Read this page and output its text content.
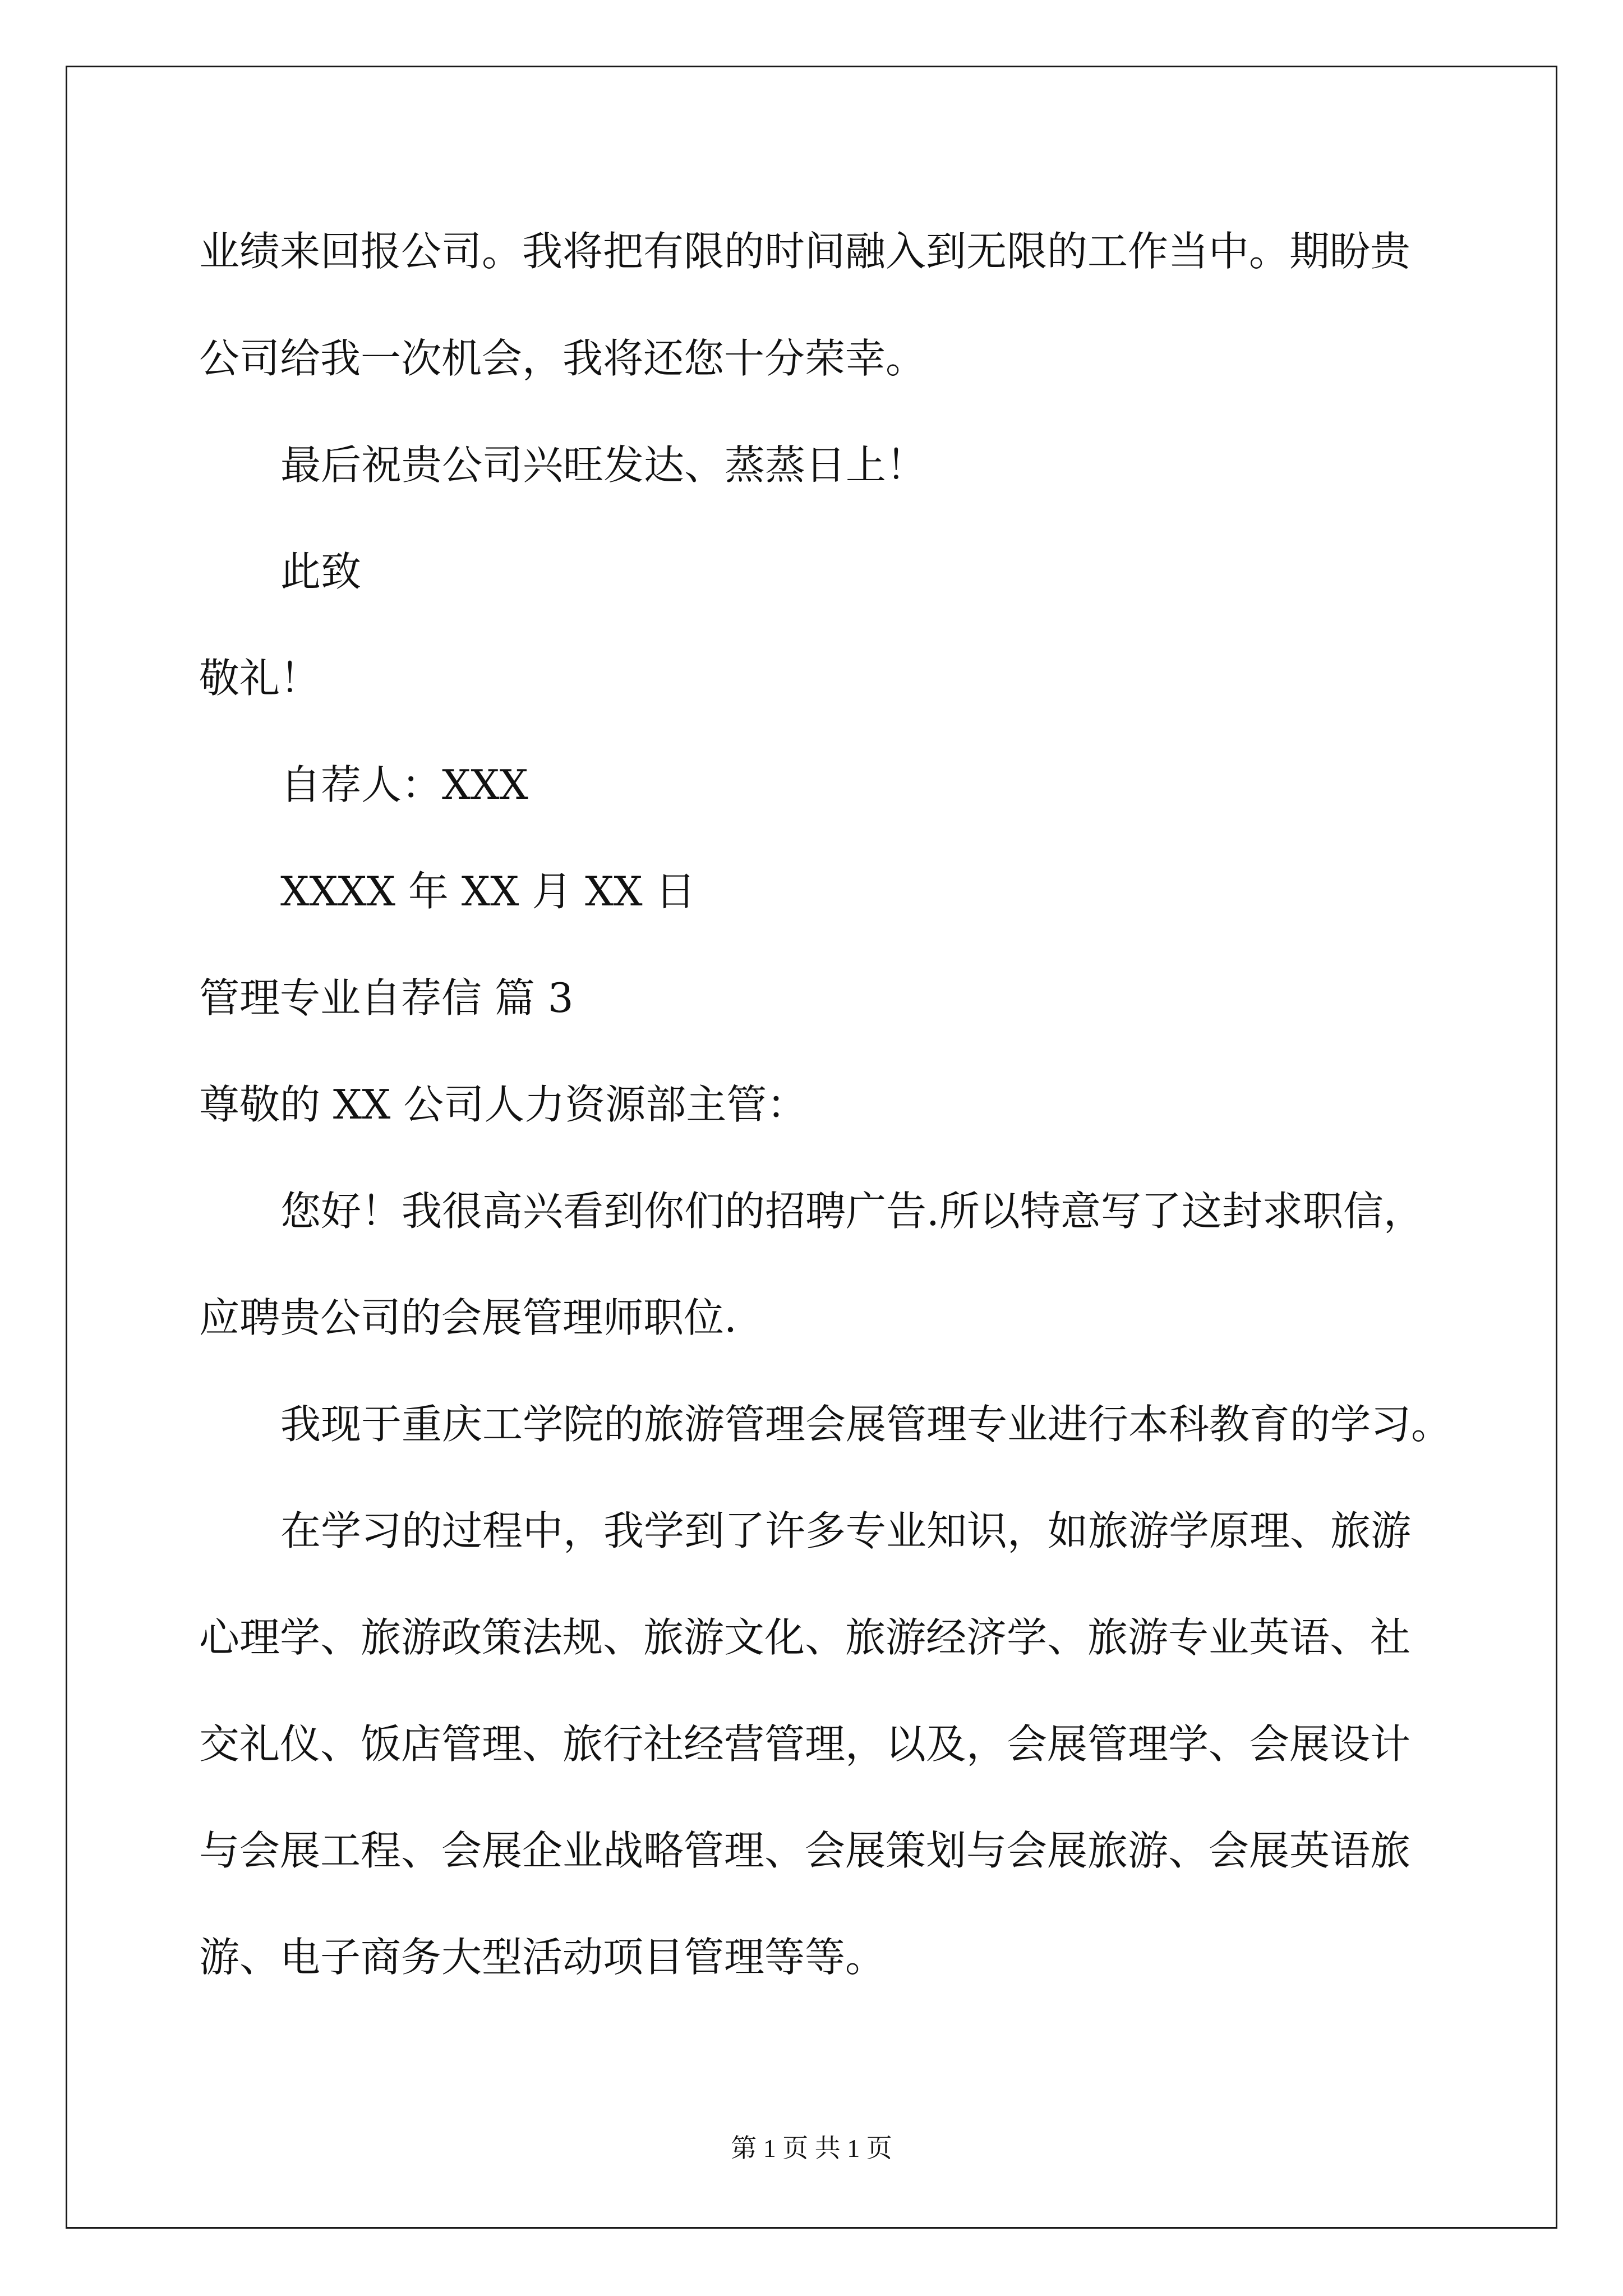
业绩来回报公司。我将把有限的时间融入到无限的工作当中。期盼贵

公司给我一次机会，我将还您十分荣幸。

最后祝贵公司兴旺发达、蒸蒸日上！

此致

敬礼！

自荐人：XXX

XXXX 年 XX 月 XX 日

管理专业自荐信 篇 3

尊敬的 XX 公司人力资源部主管：

您好！我很高兴看到你们的招聘广告.所以特意写了这封求职信，

应聘贵公司的会展管理师职位.

我现于重庆工学院的旅游管理会展管理专业进行本科教育的学习。

在学习的过程中，我学到了许多专业知识，如旅游学原理、旅游

心理学、旅游政策法规、旅游文化、旅游经济学、旅游专业英语、社

交礼仪、饭店管理、旅行社经营管理，以及，会展管理学、会展设计

与会展工程、会展企业战略管理、会展策划与会展旅游、会展英语旅

游、电子商务大型活动项目管理等等。

第 1 页 共 1 页
